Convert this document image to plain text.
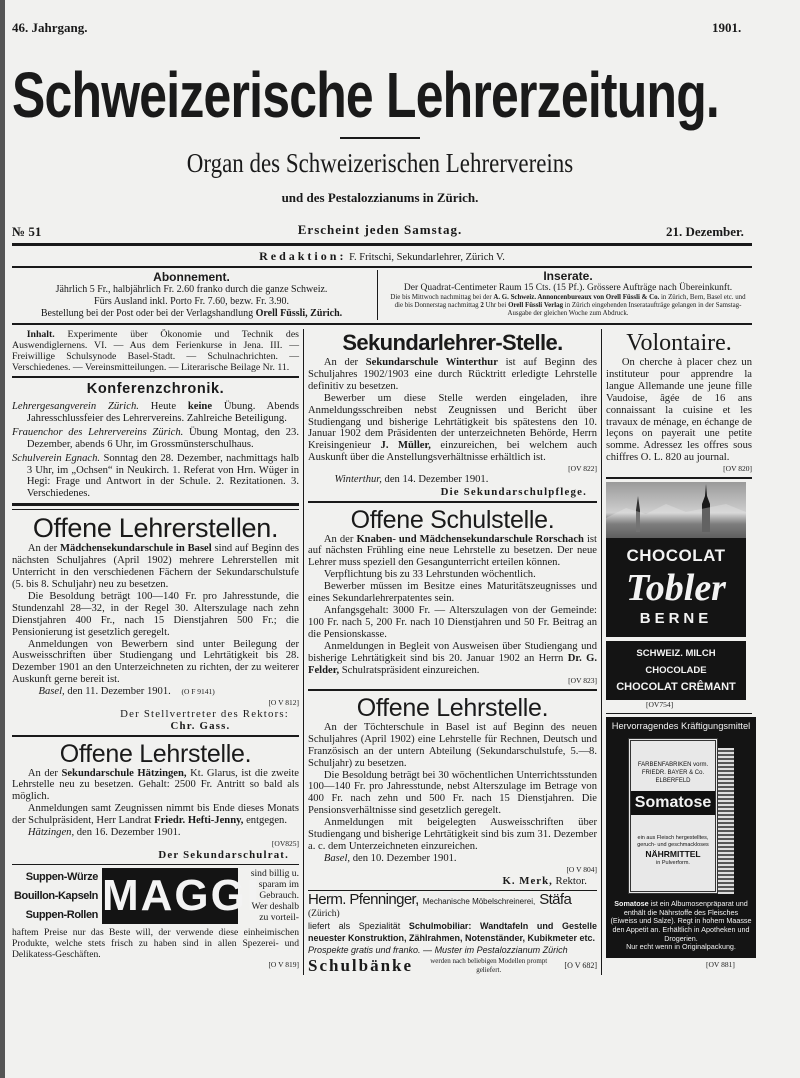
46. Jahrgang.	1901.
Schweizerische Lehrerzeitung.
Organ des Schweizerischen Lehrervereins
und des Pestalozzianums in Zürich.
№ 51	Erscheint jeden Samstag.	21. Dezember.
Redaktion: F. Fritschi, Sekundarlehrer, Zürich V.
Abonnement.
Jährlich 5 Fr., halbjährlich Fr. 2.60 franko durch die ganze Schweiz.
Fürs Ausland inkl. Porto Fr. 7.60, bezw. Fr. 3.90.
Bestellung bei der Post oder bei der Verlagshandlung Orell Füssli, Zürich.
Inserate.
Der Quadrat-Centimeter Raum 15 Cts. (15 Pf.). Grössere Aufträge nach Übereinkunft.
Die bis Mittwoch nachmittag bei der A. G. Schweiz. Annoncenbureaux von Orell Füssli & Co. in Zürich, Bern, Basel etc. und die bis Donnerstag nachmittag 2 Uhr bei Orell Füssli Verlag in Zürich eingehenden Inserataufträge gelangen in der Samstag-Ausgabe der gleichen Woche zum Abdruck.

Inhalt. Experimente über Ökonomie und Technik des Auswendiglernens. VI. — Aus dem Ferienkurse in Jena. III. — Freiwillige Schulsynode Basel-Stadt. — Schulnachrichten. — Verschiedenes. — Vereinsmitteilungen. — Literarische Beilage Nr. 11.

Konferenzchronik.

Lehrergesangverein Zürich. Heute keine Übung. Abends Jahresschlussfeier des Lehrervereins. Zahlreiche Beteiligung.

Frauenchor des Lehrervereins Zürich. Übung Montag, den 23. Dezember, abends 6 Uhr, im Grossmünsterschulhaus.

Schulverein Egnach. Sonntag den 28. Dezember, nachmittags halb 3 Uhr, im „Ochsen“ in Neukirch. 1. Referat von Hrn. Wüger in Hegi: Frage und Antwort in der Schule. 2. Rezitationen. 3. Verschiedenes.

Offene Lehrerstellen.

An der Mädchensekundarschule in Basel sind auf Beginn des nächsten Schuljahres (April 1902) mehrere Lehrerstellen mit Unterricht in den verschiedenen Fächern der Sekundarschulstufe (5. bis 8. Schuljahr) neu zu besetzen.

Die Besoldung beträgt 100—140 Fr. pro Jahresstunde, die Stundenzahl 28—32, in der Regel 30. Alterszulage nach zehn Dienstjahren 400 Fr., nach 15 Dienstjahren 500 Fr.; die Pensionierung ist gesetzlich geregelt.

Anmeldungen von Bewerbern sind unter Beilegung der Ausweisschriften über Studiengang und Lehrtätigkeit bis 28. Dezember 1901 an den Unterzeichneten zu richten, der zu weiterer Auskunft gerne bereit ist.

Basel, den 11. Dezember 1901. (O F 9141)

[O V 812]
Der Stellvertreter des Rektors:
Chr. Gass.
Offene Lehrstelle.

An der Sekundarschule Hätzingen, Kt. Glarus, ist die zweite Lehrstelle neu zu besetzen. Gehalt: 2500 Fr. Antritt so bald als möglich.

Anmeldungen samt Zeugnissen nimmt bis Ende dieses Monats der Schulpräsident, Herr Landrat Friedr. Hefti-Jenny, entgegen.

Hätzingen, den 16. Dezember 1901.

[OV825]
Der Sekundarschulrat.
Suppen-Würze
Bouillon-Kapseln
Suppen-Rollen MAGGI
sind billig u. sparam im Gebrauch. Wer deshalb zu vorteil-

haftem Preise nur das Beste will, der verwende diese einheimischen Produkte, welche stets frisch zu haben sind in allen Spezerei- und Delikatess-Geschäften.

[O V 819]
Sekundarlehrer-Stelle.

An der Sekundarschule Winterthur ist auf Beginn des Schuljahres 1902/1903 eine durch Rücktritt erledigte Lehrstelle definitiv zu besetzen.

Bewerber um diese Stelle werden eingeladen, ihre Anmeldungsschreiben nebst Zeugnissen und Bericht über Studiengang und bisherige Lehrtätigkeit bis spätestens den 10. Januar 1902 dem Präsidenten der unterzeichneten Behörde, Herrn Kreisingenieur J. Müller, einzureichen, bei welchem auch Auskunft über die Anstellungsverhältnisse erhältlich ist.

[OV 822]

Winterthur, den 14. Dezember 1901.

Die Sekundarschulpflege.
Offene Schulstelle.

An der Knaben- und Mädchensekundarschule Rorschach ist auf nächsten Frühling eine neue Lehrstelle zu besetzen. Der neue Lehrer muss speziell den Gesangunterricht erteilen können.

Verpflichtung bis zu 33 Lehrstunden wöchentlich.

Bewerber müssen im Besitze eines Maturitätszeugnisses und eines Sekundarlehrerpatentes sein.

Anfangsgehalt: 3000 Fr. — Alterszulagen von der Gemeinde: 100 Fr. nach 5, 200 Fr. nach 10 Dienstjahren und 50 Fr. Beitrag an die Pensionskasse.

Anmeldungen in Begleit von Ausweisen über Studiengang und bisherige Lehrtätigkeit sind bis 20. Januar 1902 an Herrn Dr. G. Felder, Schulratspräsident einzureichen.

[OV 823]
Offene Lehrstelle.

An der Töchterschule in Basel ist auf Beginn des neuen Schuljahres (April 1902) eine Lehrstelle für Rechnen, Deutsch und Französisch an der untern Abteilung (Sekundarschulstufe, 5.—8. Schuljahr) zu besetzen.

Die Besoldung beträgt bei 30 wöchentlichen Unterrichtsstunden 100—140 Fr. pro Jahresstunde, nebst Alterszulage im Betrage von 400 Fr. nach zehn und 500 Fr. nach 15 Dienstjahren. Die Pensionsverhältnisse sind gesetzlich geregelt.

Anmeldungen mit beigelegten Ausweisschriften über Studiengang und bisherige Lehrtätigkeit sind bis zum 31. Dezember a. c. dem Unterzeichneten einzureichen.

Basel, den 10. Dezember 1901.

[O V 804]
K. Merk, Rektor.
Herm. Pfenninger, Mechanische Möbelschreinerei, Stäfa
(Zürich)
liefert als Spezialität Schulmobiliar: Wandtafeln und Gestelle neuester Konstruktion, Zählrahmen, Notenständer, Kubikmeter etc.
Prospekte gratis und franko. — Muster im Pestalozzianum Zürich
Schulbänke	werden nach beliebigen Modellen prompt geliefert.	[O V 682]
Volontaire.

On cherche à placer chez un instituteur pour apprendre la langue Allemande une jeune fille Vaudoise, âgée de 16 ans connaissant la cuisine et les travaux de ménage, en échange de leçons on payerait une petite somme. Adressez les offres sous chiffres O. L. 820 au journal.

[OV 820]
CHOCOLAT
Tobler
BERNE
SCHWEIZ. MILCH CHOCOLADE
CHOCOLAT CRÊMANT
[OV754]
Hervorragendes Kräftigungsmittel
FARBENFABRIKEN vorm. FRIEDR. BAYER & Co. ELBERFELD
Somatose
ein aus Fleisch hergestelltes, geruch- und geschmackloses
NÄHRMITTEL
in Pulverform.
Somatose ist ein Albumosenpräparat und enthält die Nährstoffe des Fleisches (Eiweiss und Salze). Regt in hohem Maasse den Appetit an. Erhältlich in Apotheken und Drogerien.
Nur echt wenn in Originalpackung.
[OV 881]
